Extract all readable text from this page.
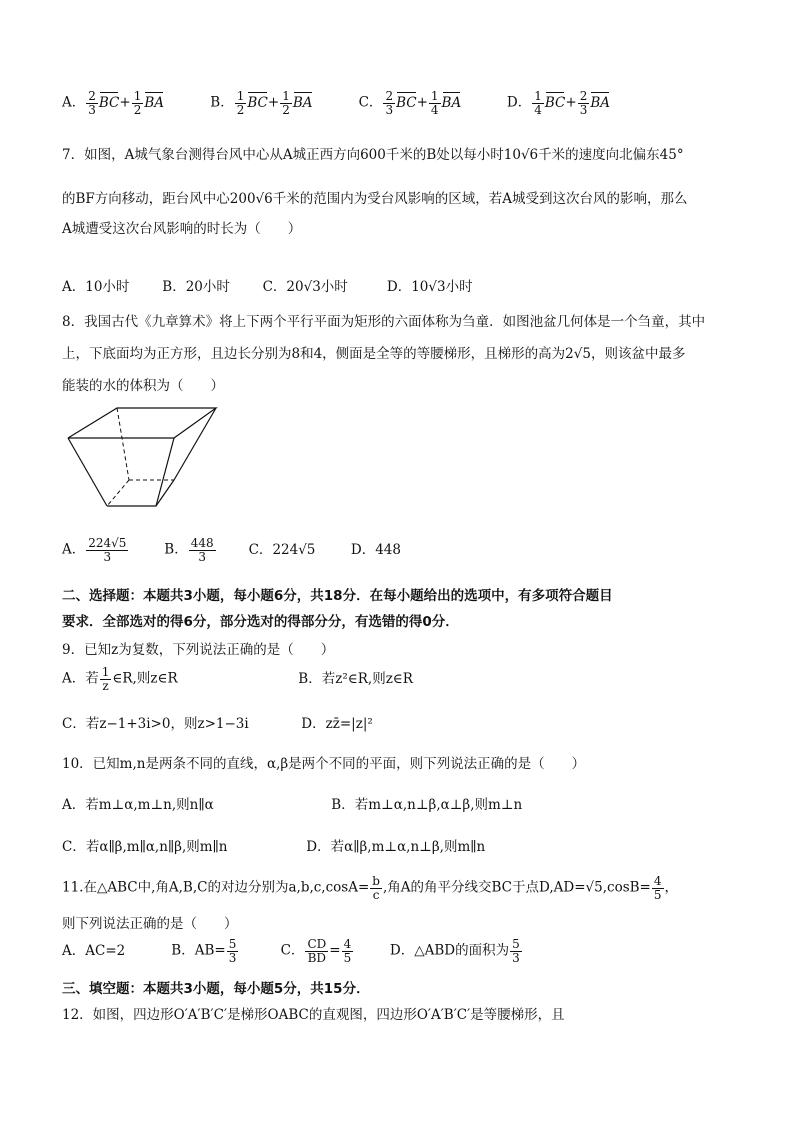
A． $\frac{2}{3} BC+ \frac{1}{2}$ BA	B． $\frac{1}{2} BC+ \frac{1}{2}$ BA	C． $\frac{2}{3} BC+ \frac{1}{4}$ BA	D． $\frac{1}{4} BC+ \frac{2}{3}$ BA
7．如图，A城气象台测得台风中心从A城正西方向600千米的B处以每小时10√6千米的速度向北偏东45°
的BF方向移动，距台风中心200√6千米的范围内为受台风影响的区域，若A城受到这次台风的影响，那么
A城遭受这次台风影响的时长为（　　）
A．10小时 B．20小时 C．20√3小时	D．10√3小时
8．我国古代《九章算术》将上下两个平行平面为矩形的六面体称为刍童．如图池盆几何体是一个刍童，其中
上，下底面均为正方形，且边长分别为8和4，侧面是全等的等腰梯形，且梯形的高为2√5，则该盆中最多
能装的水的体积为（　　）
A． $\frac{224√5}{3}$	B． $\frac{448}{3}$ C．224√5	D．448
二、选择题：本题共3小题，每小题6分，共18分．在每小题给出的选项中，有多项符合题目
要求．全部选对的得6分，部分选对的得部分分，有选错的得0分．
9．已知z为复数，下列说法正确的是（　　）
A．若 $\frac{1}{z}$ ∈R,则z∈R	B．若z²∈R,则z∈R
C．若z−1+3i>0，则z>1−3i	D．zz̄=|z|²
10．已知m,n是两条不同的直线，α,β是两个不同的平面，则下列说法正确的是（　　）
A．若m⊥α,m⊥n,则n∥α	B．若m⊥α,n⊥β,α⊥β,则m⊥n
C．若α∥β,m∥α,n∥β,则m∥n	D．若α∥β,m⊥α,n⊥β,则m∥n
11.在△ABC中,角A,B,C的对边分别为$a,b,c,\cos A= \frac{b}{c}$ ,角A的角平分线交BC于点$D,AD=√5,\cos B= \frac{4}{5}$ ，
则下列说法正确的是（　　）
A．AC=2	B．$AB= \frac{5}{3}$	C． $\frac{CD}{BD} = \frac{4}{5}$	D．△ABD的面积为 $\frac{5}{3}$
三、填空题：本题共3小题，每小题5分，共15分．
12．如图，四边形O′A′B′C′是梯形OABC的直观图，四边形O′A′B′C′是等腰梯形，且
